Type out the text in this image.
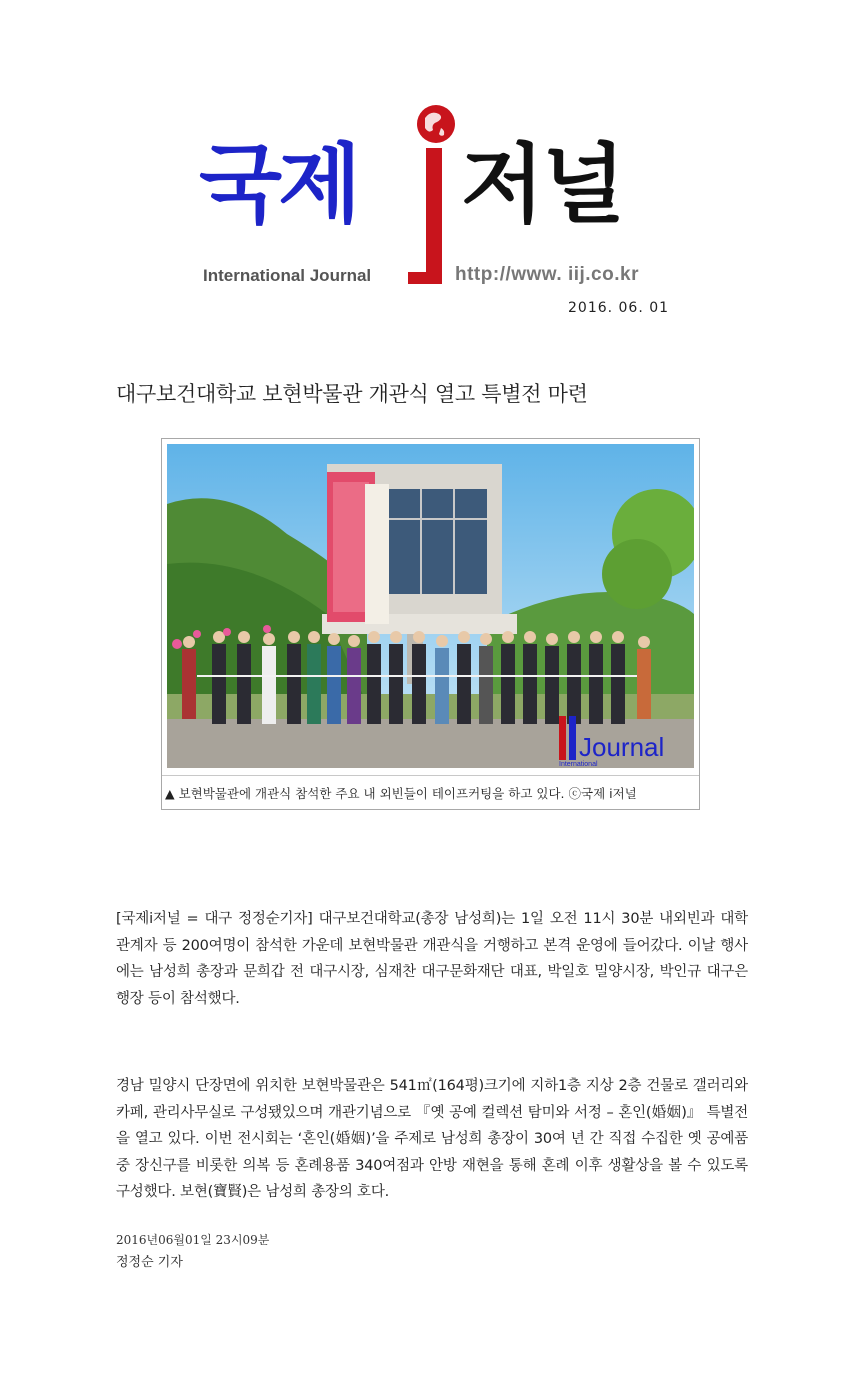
국제 저널
International Journal	http://www. iij.co.kr
2016. 06. 01
대구보건대학교 보현박물관 개관식 열고 특별전 마련
Journal
International
▲ 보현박물관에 개관식 참석한 주요 내 외빈들이 테이프커팅을 하고 있다. ⓒ국제 i저널

[국제i저널 = 대구 정정순기자] 대구보건대학교(총장 남성희)는 1일 오전 11시 30분 내외빈과 대학 관계자 등 200여명이 참석한 가운데 보현박물관 개관식을 거행하고 본격 운영에 들어갔다. 이날 행사에는 남성희 총장과 문희갑 전 대구시장, 심재찬 대구문화재단 대표, 박일호 밀양시장, 박인규 대구은행장 등이 참석했다.

경남 밀양시 단장면에 위치한 보현박물관은 541㎡(164평)크기에 지하1층 지상 2층 건물로 갤러리와 카페, 관리사무실로 구성됐있으며 개관기념으로 『옛 공예 컬렉션 탐미와 서정 – 혼인(婚姻)』 특별전을 열고 있다. 이번 전시회는 ‘혼인(婚姻)’을 주제로 남성희 총장이 30여 년 간 직접 수집한 옛 공예품 중 장신구를 비롯한 의복 등 혼례용품 340여점과 안방 재현을 통해 혼례 이후 생활상을 볼 수 있도록 구성했다. 보현(寶賢)은 남성희 총장의 호다.

2016년06월01일 23시09분
정정순 기자
